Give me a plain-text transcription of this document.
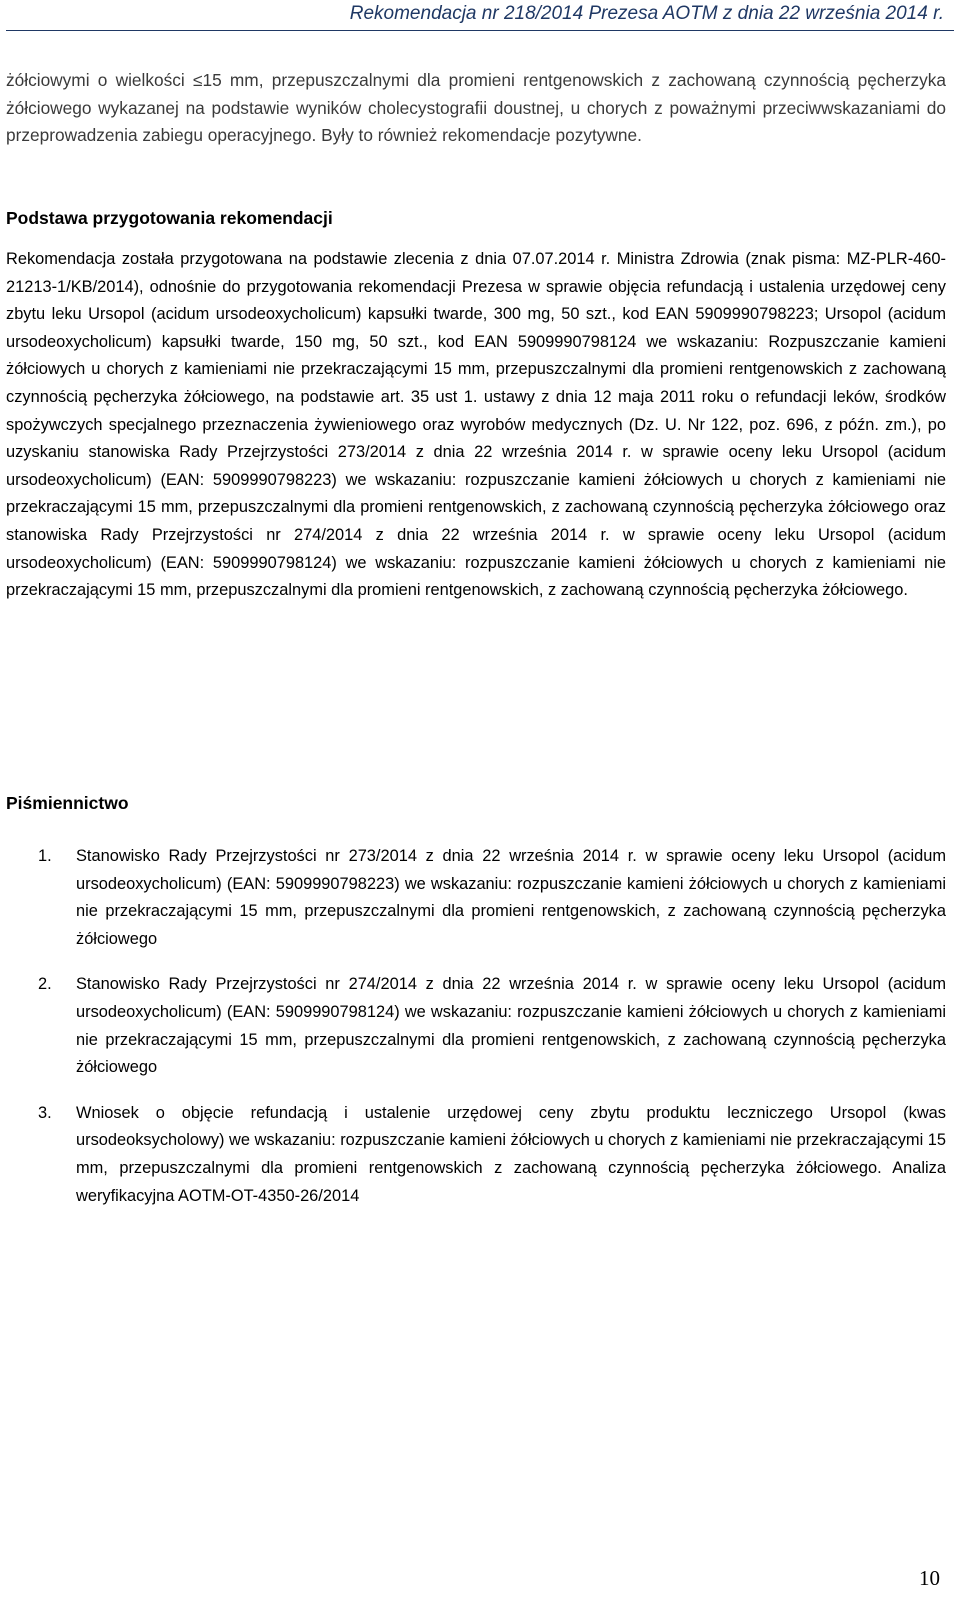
Rekomendacja nr 218/2014 Prezesa AOTM z dnia 22 września 2014 r.

żółciowymi o wielkości ≤15 mm, przepuszczalnymi dla promieni rentgenowskich z zachowaną czynnością pęcherzyka żółciowego wykazanej na podstawie wyników cholecystografii doustnej, u chorych z poważnymi przeciwwskazaniami do przeprowadzenia zabiegu operacyjnego. Były to również rekomendacje pozytywne.

Podstawa przygotowania rekomendacji

Rekomendacja została przygotowana na podstawie zlecenia z dnia 07.07.2014 r. Ministra Zdrowia (znak pisma: MZ-PLR-460-21213-1/KB/2014), odnośnie do przygotowania rekomendacji Prezesa w sprawie objęcia refundacją i ustalenia urzędowej ceny zbytu leku Ursopol (acidum ursodeoxycholicum) kapsułki twarde, 300 mg, 50 szt., kod EAN 5909990798223; Ursopol (acidum ursodeoxycholicum) kapsułki twarde, 150 mg, 50 szt., kod EAN 5909990798124 we wskazaniu: Rozpuszczanie kamieni żółciowych u chorych z kamieniami nie przekraczającymi 15 mm, przepuszczalnymi dla promieni rentgenowskich z zachowaną czynnością pęcherzyka żółciowego, na podstawie art. 35 ust 1. ustawy z dnia 12 maja 2011 roku o refundacji leków, środków spożywczych specjalnego przeznaczenia żywieniowego oraz wyrobów medycznych (Dz. U. Nr 122, poz. 696, z późn. zm.), po uzyskaniu stanowiska Rady Przejrzystości 273/2014 z dnia 22 września 2014 r. w sprawie oceny leku Ursopol (acidum ursodeoxycholicum) (EAN: 5909990798223) we wskazaniu: rozpuszczanie kamieni żółciowych u chorych z kamieniami nie przekraczającymi 15 mm, przepuszczalnymi dla promieni rentgenowskich, z zachowaną czynnością pęcherzyka żółciowego oraz stanowiska Rady Przejrzystości nr 274/2014 z dnia 22 września 2014 r. w sprawie oceny leku Ursopol (acidum ursodeoxycholicum) (EAN: 5909990798124) we wskazaniu: rozpuszczanie kamieni żółciowych u chorych z kamieniami nie przekraczającymi 15 mm, przepuszczalnymi dla promieni rentgenowskich, z zachowaną czynnością pęcherzyka żółciowego.

Piśmiennictwo
1. Stanowisko Rady Przejrzystości nr 273/2014 z dnia 22 września 2014 r. w sprawie oceny leku Ursopol (acidum ursodeoxycholicum) (EAN: 5909990798223) we wskazaniu: rozpuszczanie kamieni żółciowych u chorych z kamieniami nie przekraczającymi 15 mm, przepuszczalnymi dla promieni rentgenowskich, z zachowaną czynnością pęcherzyka żółciowego
2. Stanowisko Rady Przejrzystości nr 274/2014 z dnia 22 września 2014 r. w sprawie oceny leku Ursopol (acidum ursodeoxycholicum) (EAN: 5909990798124) we wskazaniu: rozpuszczanie kamieni żółciowych u chorych z kamieniami nie przekraczającymi 15 mm, przepuszczalnymi dla promieni rentgenowskich, z zachowaną czynnością pęcherzyka żółciowego
3. Wniosek o objęcie refundacją i ustalenie urzędowej ceny zbytu produktu leczniczego Ursopol (kwas ursodeoksycholowy) we wskazaniu: rozpuszczanie kamieni żółciowych u chorych z kamieniami nie przekraczającymi 15 mm, przepuszczalnymi dla promieni rentgenowskich z zachowaną czynnością pęcherzyka żółciowego. Analiza weryfikacyjna AOTM-OT-4350-26/2014
10
